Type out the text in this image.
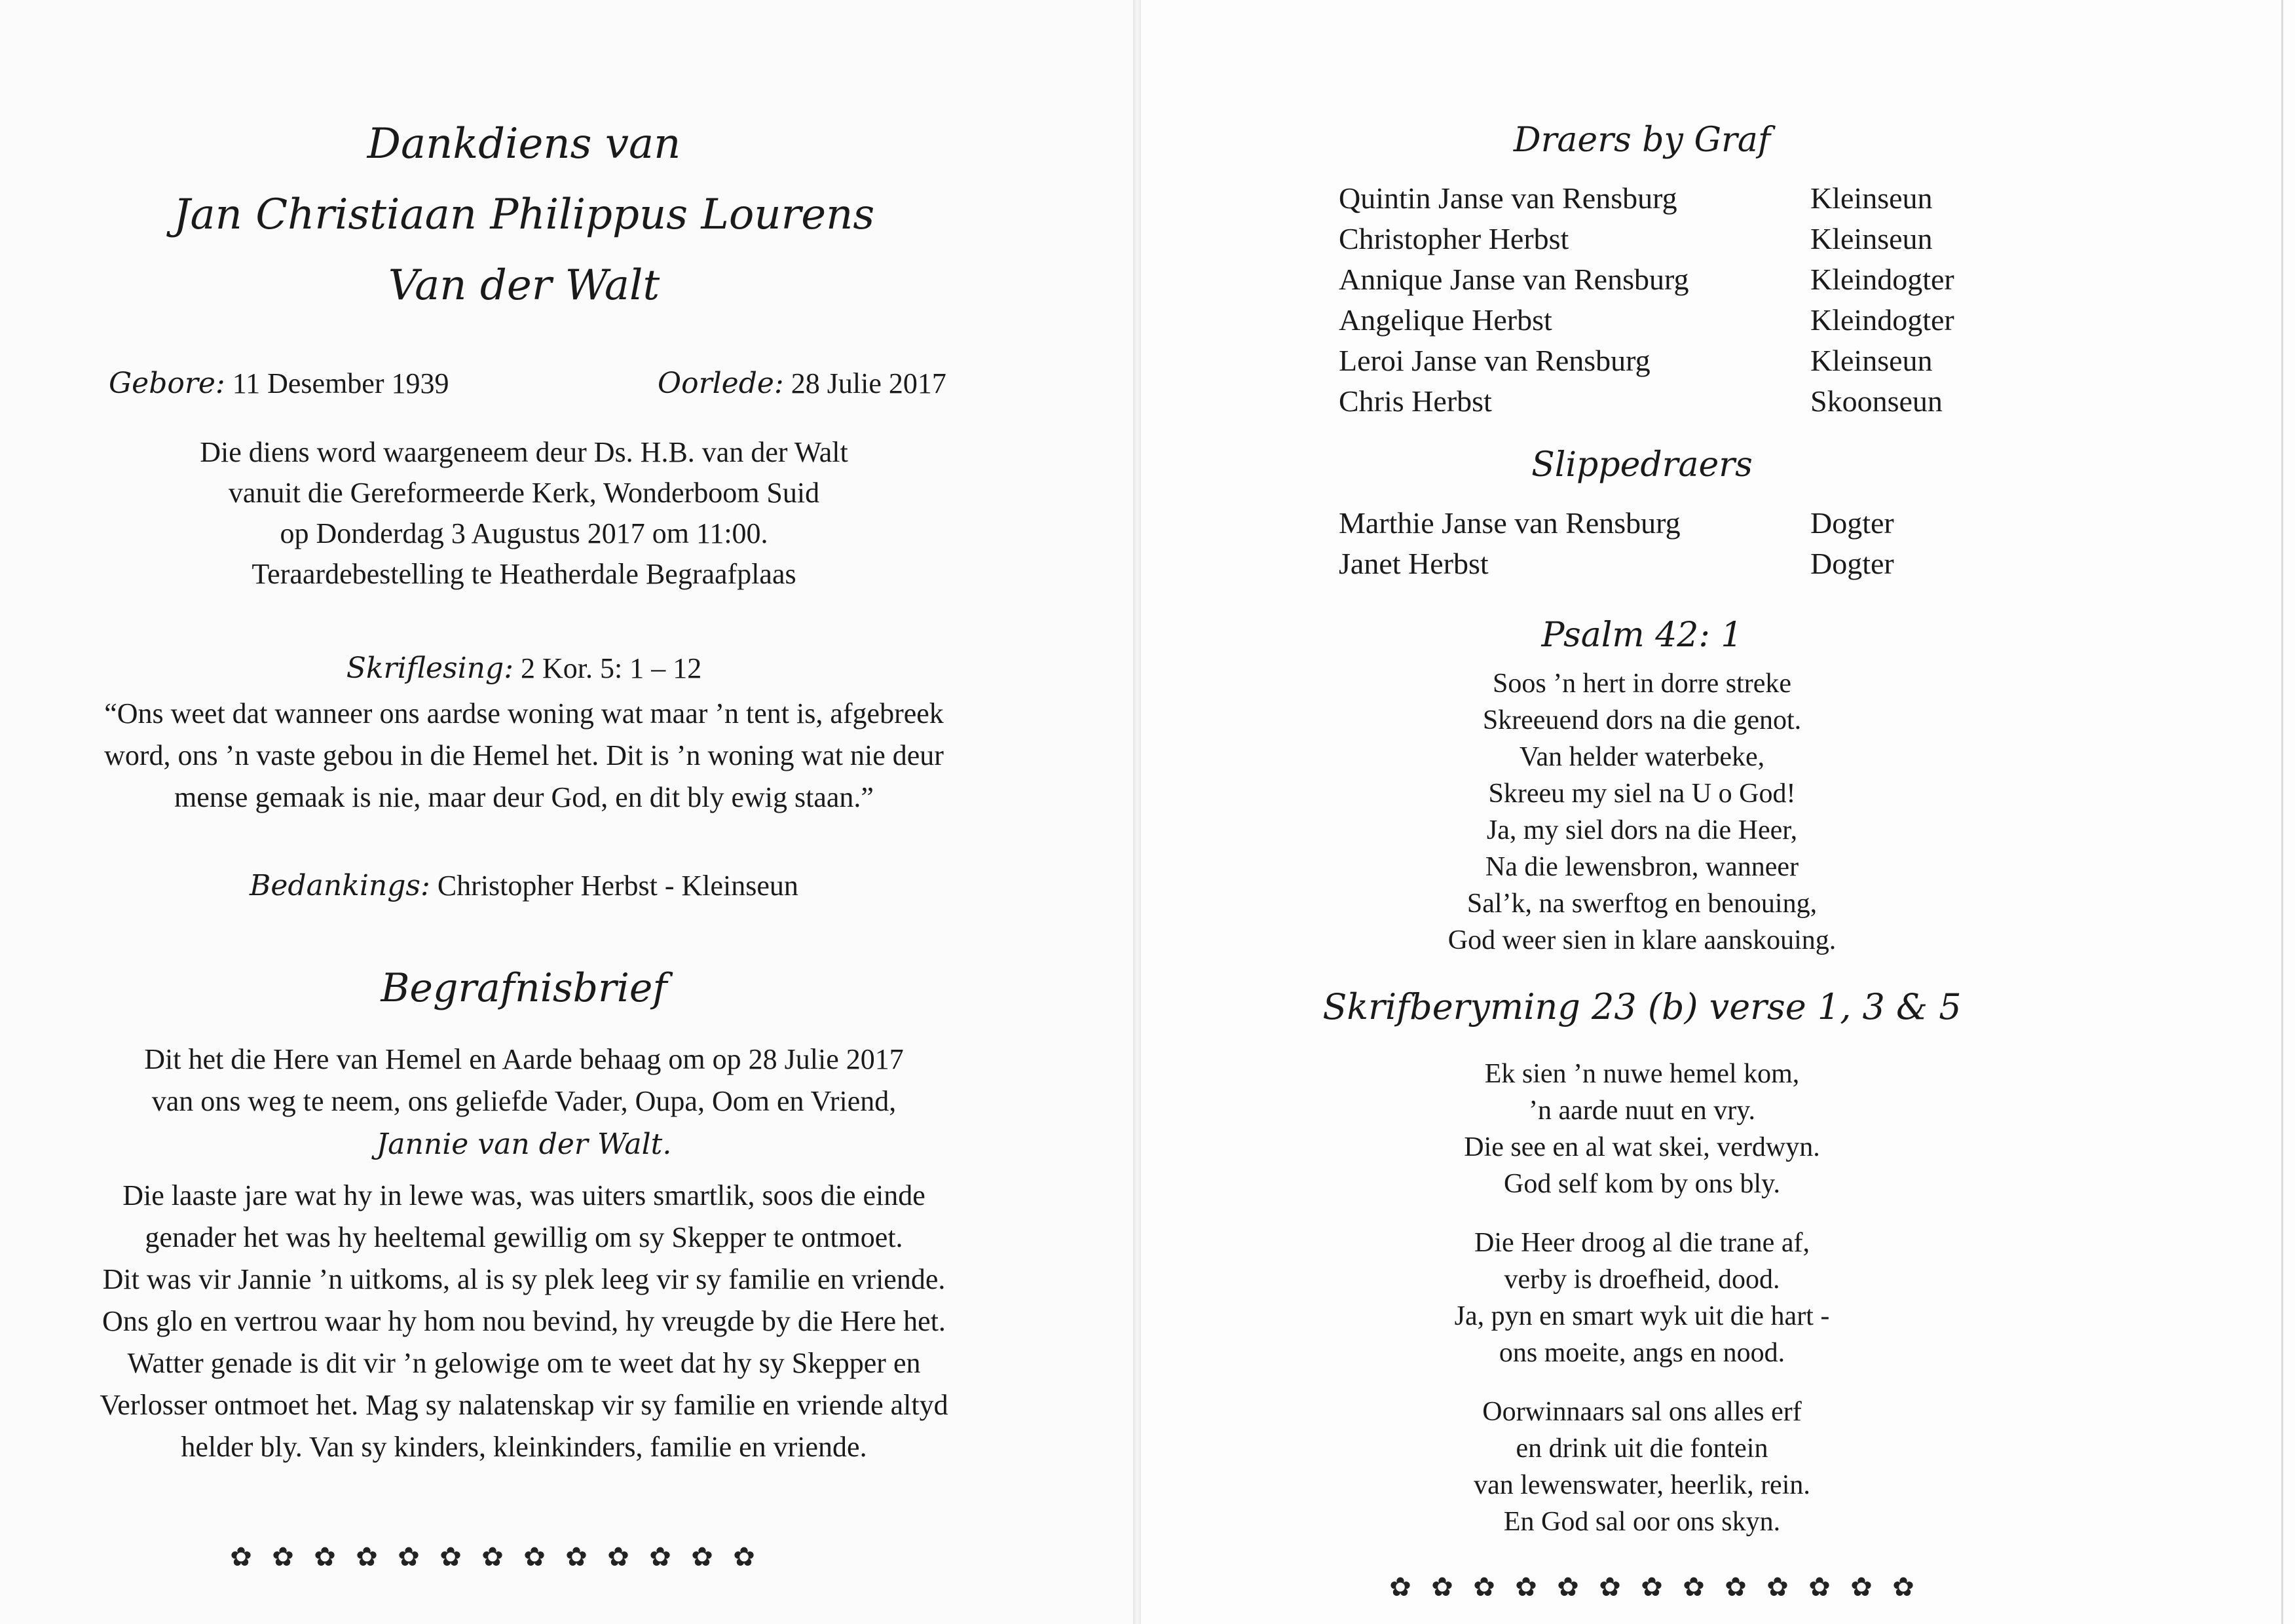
Dankdiens van
Jan Christiaan Philippus Lourens
Van der Walt
Gebore: 11 Desember 1939	Oorlede: 28 Julie 2017
Die diens word waargeneem deur Ds. H.B. van der Walt
vanuit die Gereformeerde Kerk, Wonderboom Suid
op Donderdag 3 Augustus 2017 om 11:00.
Teraardebestelling te Heatherdale Begraafplaas
Skriflesing: 2 Kor. 5: 1 – 12
“Ons weet dat wanneer ons aardse woning wat maar ’n tent is, afgebreek
word, ons ’n vaste gebou in die Hemel het. Dit is ’n woning wat nie deur
mense gemaak is nie, maar deur God, en dit bly ewig staan.”
Bedankings: Christopher Herbst - Kleinseun
Begrafnisbrief
Dit het die Here van Hemel en Aarde behaag om op 28 Julie 2017
van ons weg te neem, ons geliefde Vader, Oupa, Oom en Vriend,
Jannie van der Walt.
Die laaste jare wat hy in lewe was, was uiters smartlik, soos die einde
genader het was hy heeltemal gewillig om sy Skepper te ontmoet.
Dit was vir Jannie ’n uitkoms, al is sy plek leeg vir sy familie en vriende.
Ons glo en vertrou waar hy hom nou bevind, hy vreugde by die Here het.
Watter genade is dit vir ’n gelowige om te weet dat hy sy Skepper en
Verlosser ontmoet het. Mag sy nalatenskap vir sy familie en vriende altyd
helder bly. Van sy kinders, kleinkinders, familie en vriende.
✿ ✿ ✿ ✿ ✿ ✿ ✿ ✿ ✿ ✿ ✿ ✿ ✿
Draers by Graf
Quintin Janse van Rensburg	Kleinseun
Christopher Herbst	Kleinseun
Annique Janse van Rensburg	Kleindogter
Angelique Herbst	Kleindogter
Leroi Janse van Rensburg	Kleinseun
Chris Herbst	Skoonseun
Slippedraers
Marthie Janse van Rensburg	Dogter
Janet Herbst	Dogter
Psalm 42: 1
Soos ’n hert in dorre streke
Skreeuend dors na die genot.
Van helder waterbeke,
Skreeu my siel na U o God!
Ja, my siel dors na die Heer,
Na die lewensbron, wanneer
Sal’k, na swerftog en benouing,
God weer sien in klare aanskouing.
Skrifberyming 23 (b) verse 1, 3 & 5
Ek sien ’n nuwe hemel kom,
’n aarde nuut en vry.
Die see en al wat skei, verdwyn.
God self kom by ons bly.
Die Heer droog al die trane af,
verby is droefheid, dood.
Ja, pyn en smart wyk uit die hart -
ons moeite, angs en nood.
Oorwinnaars sal ons alles erf
en drink uit die fontein
van lewenswater, heerlik, rein.
En God sal oor ons skyn.
✿ ✿ ✿ ✿ ✿ ✿ ✿ ✿ ✿ ✿ ✿ ✿ ✿
